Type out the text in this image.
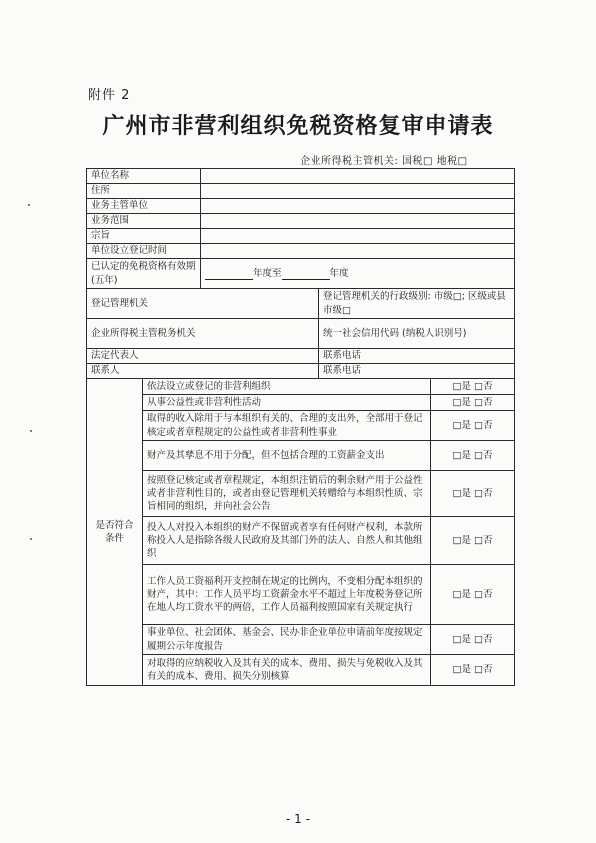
附件 2
广州市非营利组织免税资格复审申请表
企业所得税主管机关: 国税□ 地税□
单位名称				
住所				
业务主管单位				
业务范围				
宗旨				
单位设立登记时间				
已认定的免税资格有效期 (五年)		年度至 年度		
登记管理机关			登记管理机关的行政级别: 市级□; 区级或县市级□	
企业所得税主管税务机关			统一社会信用代码 (纳税人识别号)	
法定代表人			联系电话	
联系人			联系电话	
是否符合条件	依法设立或登记的非营利组织			□是 □否
	从事公益性或非营利性活动			□是 □否
	取得的收入除用于与本组织有关的、合理的支出外，全部用于登记核定或者章程规定的公益性或者非营利性事业			□是 □否
	财产及其孳息不用于分配，但不包括合理的工资薪金支出			□是 □否
	按照登记核定或者章程规定，本组织注销后的剩余财产用于公益性或者非营利性目的，或者由登记管理机关转赠给与本组织性质、宗旨相同的组织，并向社会公告			□是 □否
	投入人对投入本组织的财产不保留或者享有任何财产权利，本款所称投入人是指除各级人民政府及其部门外的法人、自然人和其他组织			□是 □否
	工作人员工资福利开支控制在规定的比例内，不变相分配本组织的财产，其中：工作人员平均工资薪金水平不超过上年度税务登记所在地人均工资水平的两倍，工作人员福利按照国家有关规定执行			□是 □否
	事业单位、社会团体、基金会、民办非企业单位申请前年度按规定履期公示年度报告			□是 □否
	对取得的应纳税收入及其有关的成本、费用、损失与免税收入及其有关的成本、费用、损失分别核算			□是 □否
- 1 -
